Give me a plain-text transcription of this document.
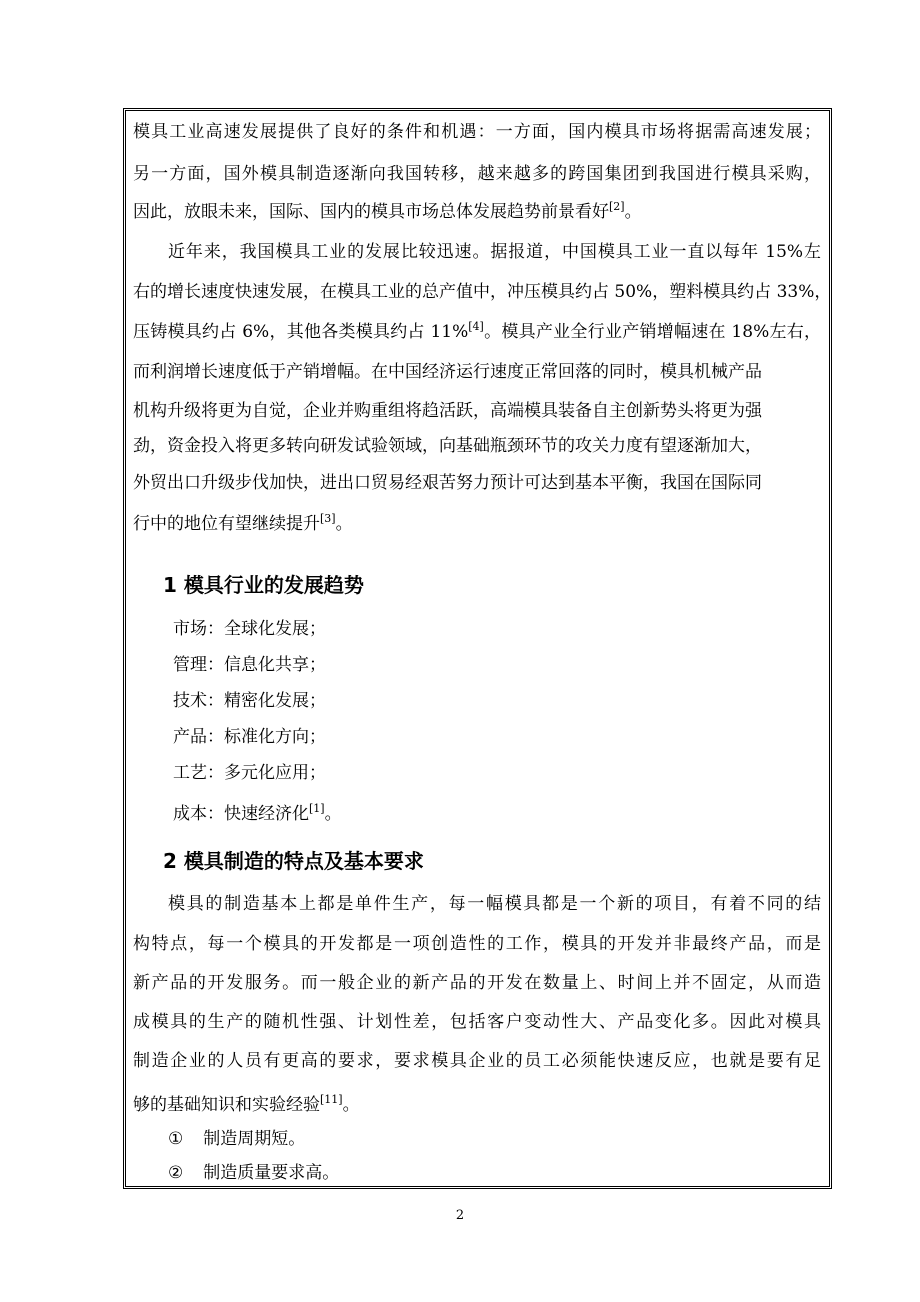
模具工业高速发展提供了良好的条件和机遇：一方面，国内模具市场将据需高速发展；
另一方面，国外模具制造逐渐向我国转移，越来越多的跨国集团到我国进行模具采购，
因此，放眼未来，国际、国内的模具市场总体发展趋势前景看好[2]。
近年来，我国模具工业的发展比较迅速。据报道，中国模具工业一直以每年 15%左
右的增长速度快速发展，在模具工业的总产值中，冲压模具约占 50%，塑料模具约占 33%，
压铸模具约占 6%，其他各类模具约占 11%[4]。模具产业全行业产销增幅速在 18%左右，
而利润增长速度低于产销增幅。在中国经济运行速度正常回落的同时，模具机械产品
机构升级将更为自觉，企业并购重组将趋活跃，高端模具装备自主创新势头将更为强
劲，资金投入将更多转向研发试验领域，向基础瓶颈环节的攻关力度有望逐渐加大，
外贸出口升级步伐加快，进出口贸易经艰苦努力预计可达到基本平衡，我国在国际同
行中的地位有望继续提升[3]。
1 模具行业的发展趋势
市场：全球化发展；
管理：信息化共享；
技术：精密化发展；
产品：标准化方向；
工艺：多元化应用；
成本：快速经济化[1]。
2 模具制造的特点及基本要求
模具的制造基本上都是单件生产，每一幅模具都是一个新的项目，有着不同的结
构特点，每一个模具的开发都是一项创造性的工作，模具的开发并非最终产品，而是
新产品的开发服务。而一般企业的新产品的开发在数量上、时间上并不固定，从而造
成模具的生产的随机性强、计划性差，包括客户变动性大、产品变化多。因此对模具
制造企业的人员有更高的要求，要求模具企业的员工必须能快速反应，也就是要有足
够的基础知识和实验经验[11]。
① 制造周期短。
② 制造质量要求高。
2
